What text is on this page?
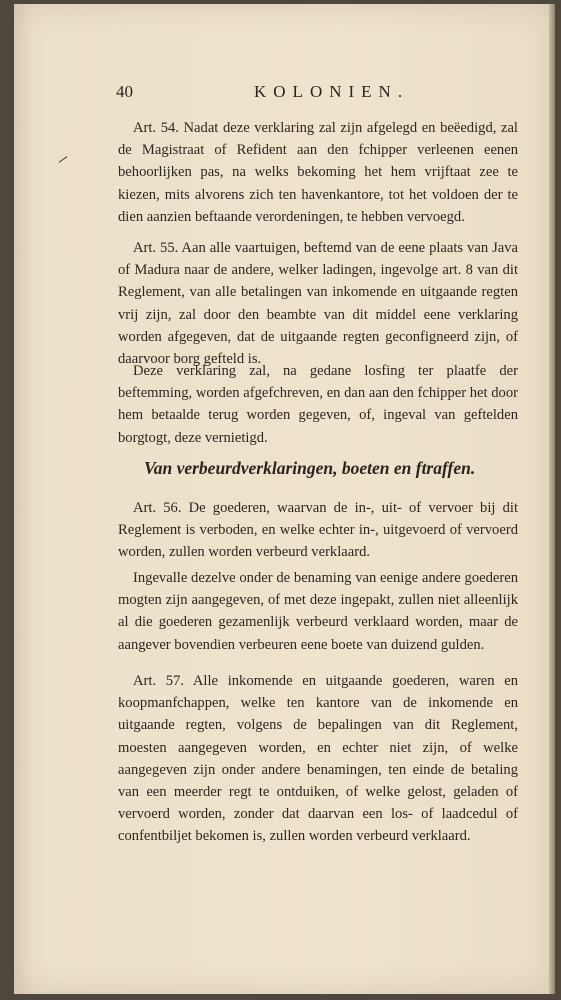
40	KOLONIEN.

Art. 54. Nadat deze verklaring zal zijn afgelegd en beëedigd, zal de Magistraat of Refident aan den fchipper verleenen eenen behoorlijken pas, na welks bekoming het hem vrijftaat zee te kiezen, mits alvorens zich ten havenkantore, tot het voldoen der te dien aanzien beftaande verordeningen, te hebben vervoegd.

Art. 55. Aan alle vaartuigen, beftemd van de eene plaats van Java of Madura naar de andere, welker ladingen, ingevolge art. 8 van dit Reglement, van alle betalingen van inkomende en uitgaande regten vrij zijn, zal door den beambte van dit middel eene verklaring worden afgegeven, dat de uitgaande regten geconfigneerd zijn, of daarvoor borg gefteld is.

Deze verklaring zal, na gedane losfing ter plaatfe der beftemming, worden afgefchreven, en dan aan den fchipper het door hem betaalde terug worden gegeven, of, ingeval van geftelden borgtogt, deze vernietigd.

Van verbeurdverklaringen, boeten en ftraffen.

Art. 56. De goederen, waarvan de in-, uit- of vervoer bij dit Reglement is verboden, en welke echter in-, uitgevoerd of vervoerd worden, zullen worden verbeurd verklaard.

Ingevalle dezelve onder de benaming van eenige andere goederen mogten zijn aangegeven, of met deze ingepakt, zullen niet alleenlijk al die goederen gezamenlijk verbeurd verklaard worden, maar de aangever bovendien verbeuren eene boete van duizend gulden.

Art. 57. Alle inkomende en uitgaande goederen, waren en koopmanfchappen, welke ten kantore van de inkomende en uitgaande regten, volgens de bepalingen van dit Reglement, moesten aangegeven worden, en echter niet zijn, of welke aangegeven zijn onder andere benamingen, ten einde de betaling van een meerder regt te ontduiken, of welke gelost, geladen of vervoerd worden, zonder dat daarvan een los- of laadcedul of confentbiljet bekomen is, zullen worden verbeurd verklaard.
